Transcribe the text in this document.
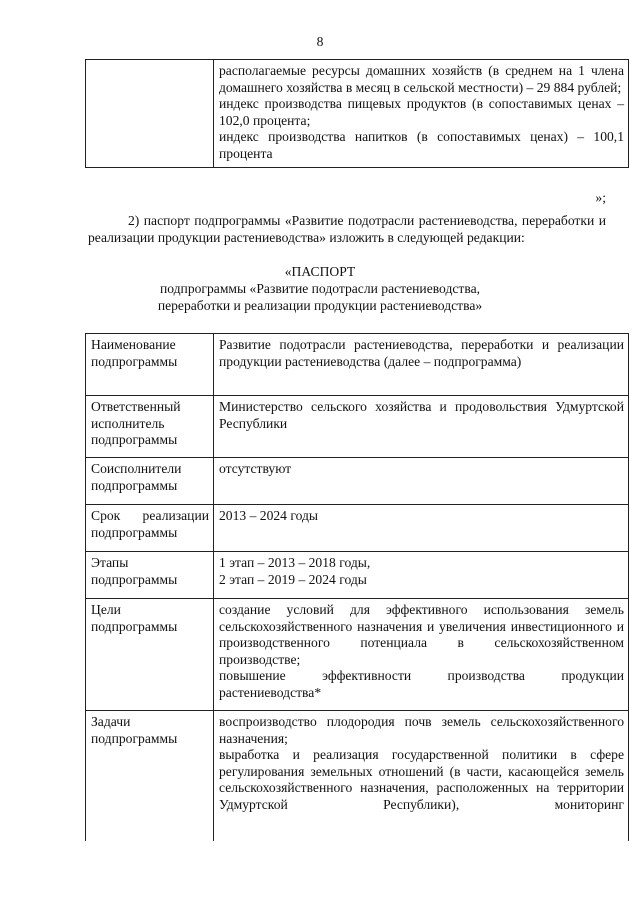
8

располагаемые ресурсы домашних хозяйств (в среднем на 1 члена домашнего хозяйства в месяц в сельской местности) – 29 884 рублей;

индекс производства пищевых продуктов (в сопоставимых ценах – 102,0 процента;

индекс производства напитков (в сопоставимых ценах) – 100,1 процента

»;
2) паспорт подпрограммы «Развитие подотрасли растениеводства, переработки и реализации продукции растениеводства» изложить в следующей редакции:
«ПАСПОРТ
подпрограммы «Развитие подотрасли растениеводства,
переработки и реализации продукции растениеводства»
Наименование подпрограммы	Развитие подотрасли растениеводства, переработки и реализации продукции растениеводства (далее – подпрограмма)
Ответственный исполнитель подпрограммы	Министерство сельского хозяйства и продовольствия Удмуртской Республики
Соисполнители подпрограммы	отсутствуют
Срок реализации подпрограммы	2013 – 2024 годы
Этапы подпрограммы	1 этап – 2013 – 2018 годы,

2 этап – 2019 – 2024 годы

Цели подпрограммы	создание условий для эффективного использования земель сельскохозяйственного назначения и увеличения инвестиционного и производственного потенциала в сельскохозяйственном производстве;

повышение эффективности производства продукции растениеводства*

Задачи подпрограммы	воспроизводство плодородия почв земель сельскохозяйственного назначения;

выработка и реализация государственной политики в сфере регулирования земельных отношений (в части, касающейся земель сельскохозяйственного назначения, расположенных на территории Удмуртской Республики), мониторинг
